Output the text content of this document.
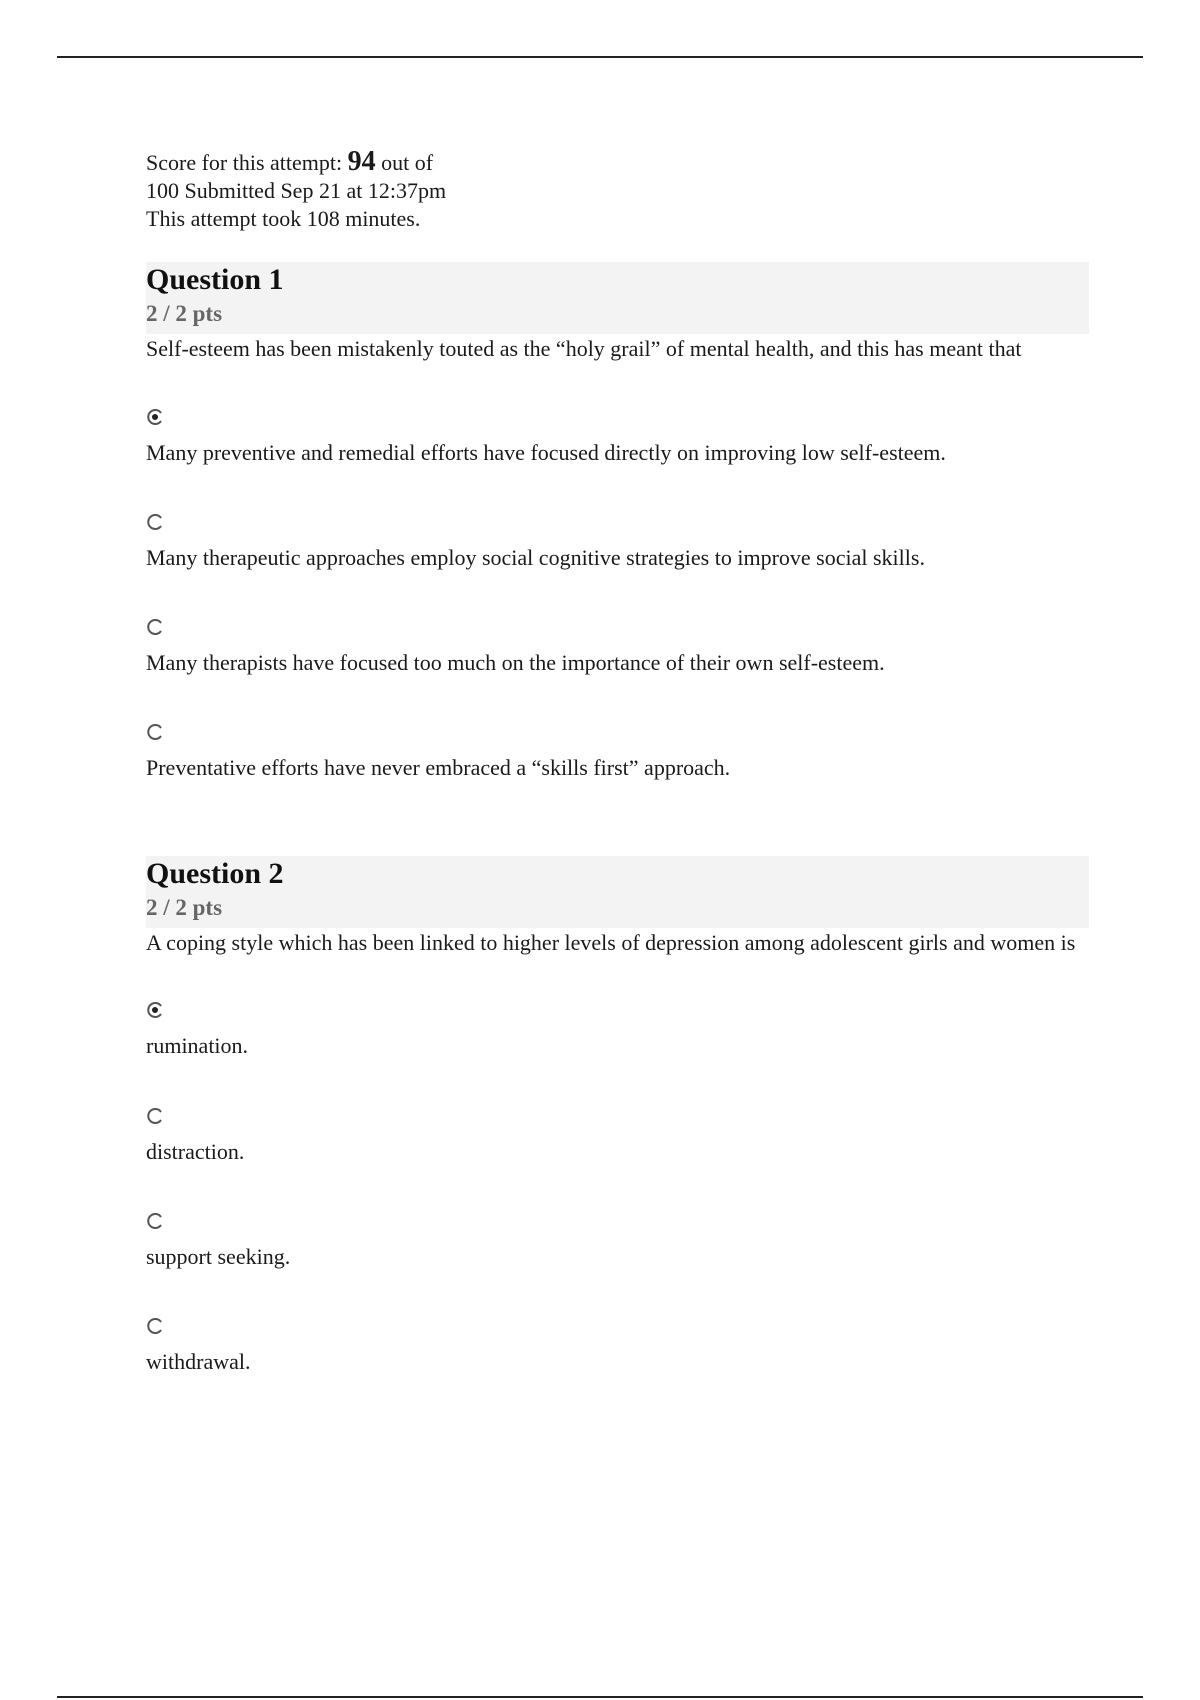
Score for this attempt: 94 out of
100 Submitted Sep 21 at 12:37pm
This attempt took 108 minutes.
Question 1
2 / 2 pts

Self-esteem has been mistakenly touted as the “holy grail” of mental health, and this has meant that

Many preventive and remedial efforts have focused directly on improving low self-esteem.
Many therapeutic approaches employ social cognitive strategies to improve social skills.
Many therapists have focused too much on the importance of their own self-esteem.
Preventative efforts have never embraced a “skills first” approach.
Question 2
2 / 2 pts

A coping style which has been linked to higher levels of depression among adolescent girls and women is

rumination.
distraction.
support seeking.
withdrawal.
